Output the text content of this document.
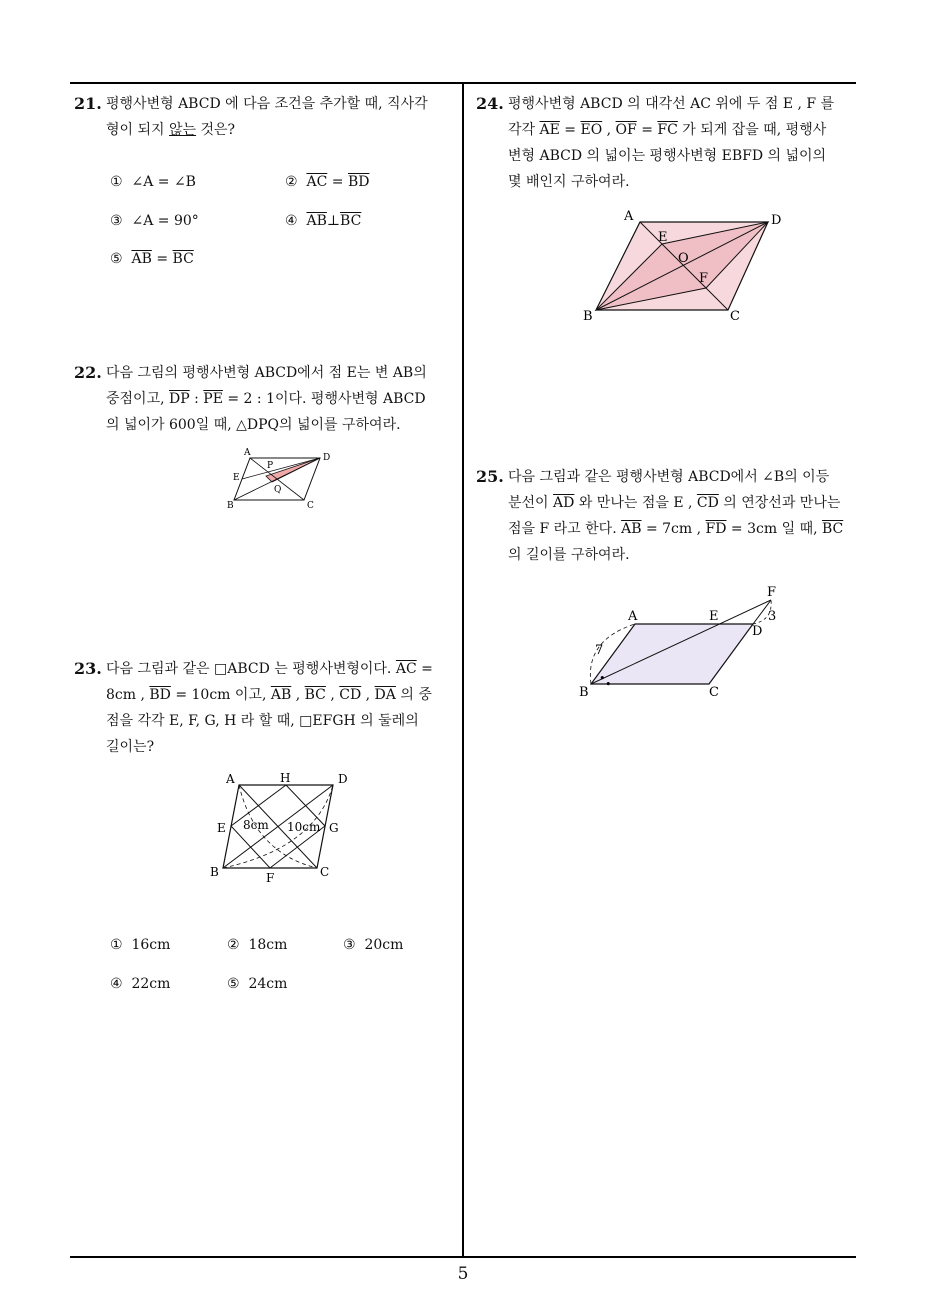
21. 평행사변형 ABCD 에 다음 조건을 추가할 때, 직사각
형이 되지 않는 것은?
① ∠A = ∠B	② $\overline{AC} = \overline{BD}$
③ ∠A = 90°	④ $\overline{AB}\perp\overline{BC}$
⑤ $\overline{AB} = \overline{BC}$
22. 다음 그림의 평행사변형 ABCD에서 점 E는 변 AB의
중점이고, $\overline{DP}$ : $\overline{PE} = 2$ : 1이다. 평행사변형 ABCD
의 넓이가 600일 때, △DPQ의 넓이를 구하여라.
A	D
E
P
Q
B	C
23. 다음 그림과 같은 □ABCD 는 평행사변형이다. $\overline{AC}$ =
8cm , $\overline{BD} = 10cm$ 이고, $\overline{AB}$ , $\overline{BC}$ , $\overline{CD}$ , $\overline{DA}$ 의 중
점을 각각 E, F, G, H 라 할 때, □EFGH 의 둘레의
길이는?
A	H	D
E	G
8cm 10cm
B	F	C
① 16cm	② 18cm	③ 20cm
④ 22cm	⑤ 24cm
24. 평행사변형 ABCD 의 대각선 AC 위에 두 점 E , F 를
각각 $\overline{AE} = \overline{EO}$ , $\overline{OF} = \overline{FC}$ 가 되게 잡을 때, 평행사
변형 ABCD 의 넓이는 평행사변형 EBFD 의 넓이의
몇 배인지 구하여라.
A	D
E
O
F
B	C
25. 다음 그림과 같은 평행사변형 ABCD에서 ∠B의 이등
분선이 $\overline{AD}$ 와 만나는 점을 E , $\overline{CD}$ 의 연장선과 만나는
점을 F 라고 한다. $\overline{AB} = 7cm$ , $\overline{FD} = 3cm$ 일 때, $\overline{BC}$
의 길이를 구하여라.
F
A	E
D
3
7
• •
B	C
5
